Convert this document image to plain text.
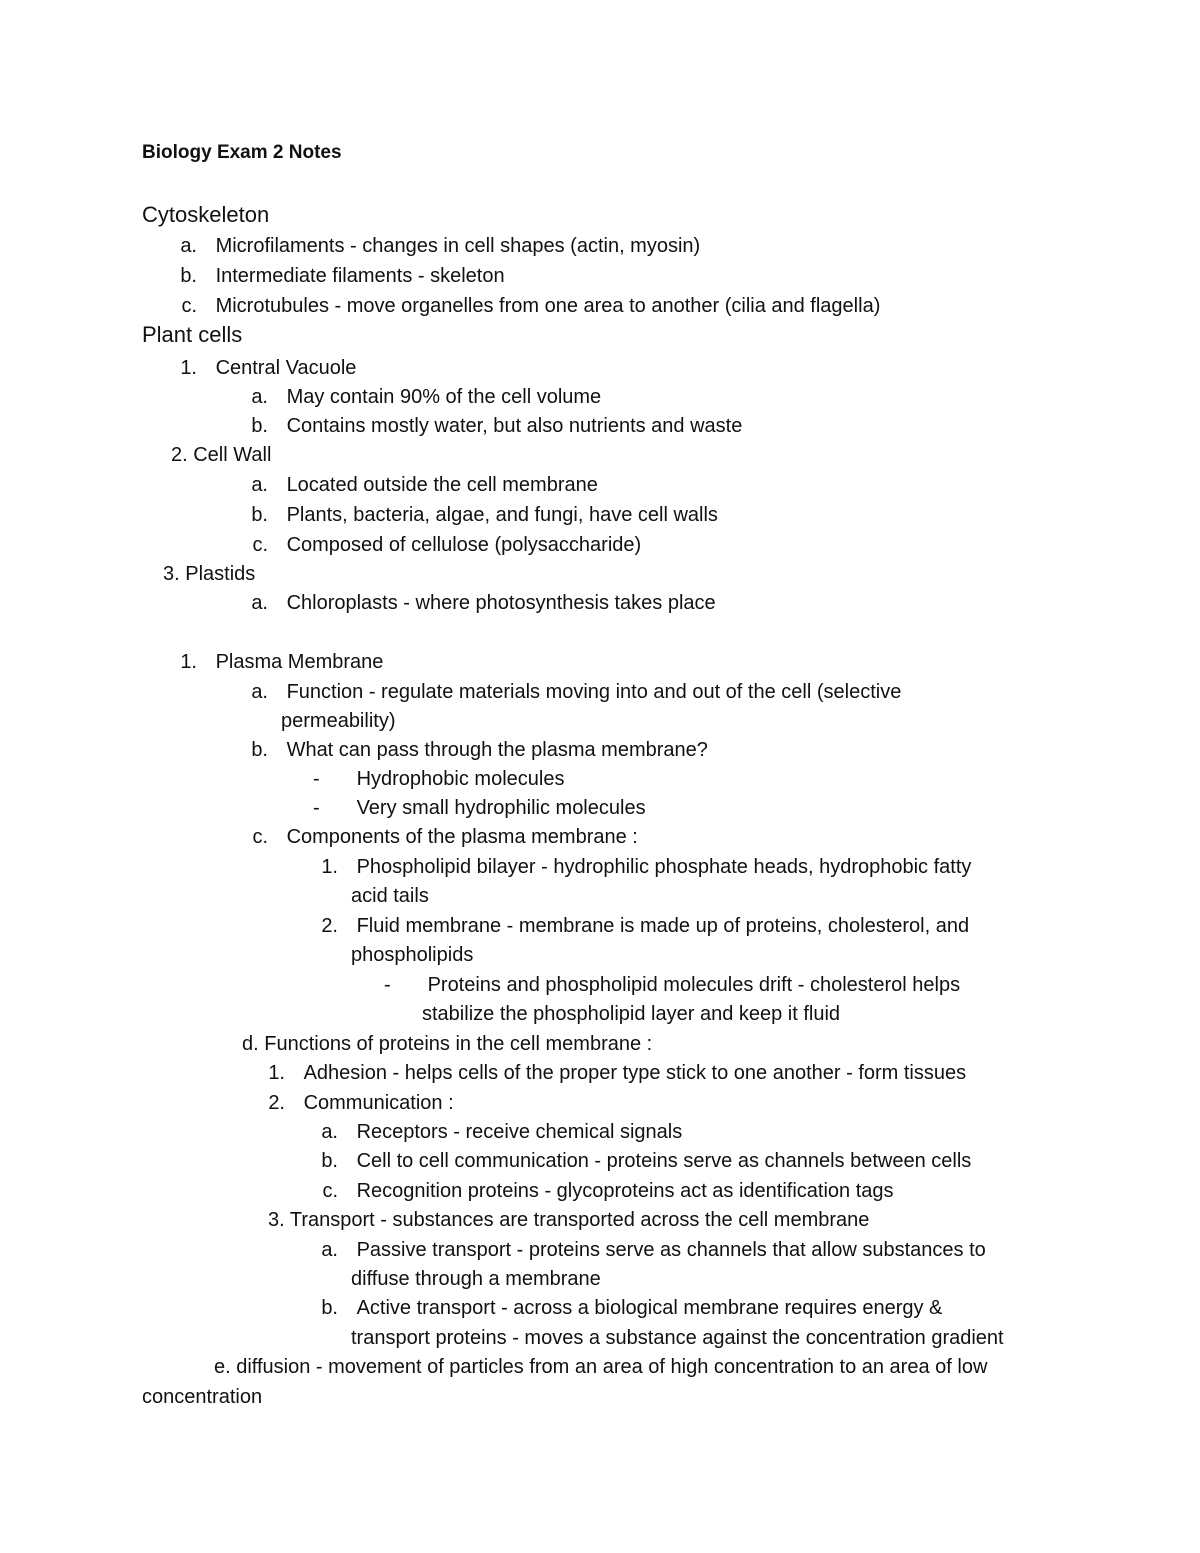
Biology Exam 2 Notes
Cytoskeleton
a. Microfilaments - changes in cell shapes (actin, myosin)
b. Intermediate filaments - skeleton
c. Microtubules - move organelles from one area to another (cilia and flagella)
Plant cells
1. Central Vacuole
a. May contain 90% of the cell volume
b. Contains mostly water, but also nutrients and waste
2. Cell Wall
a. Located outside the cell membrane
b. Plants, bacteria, algae, and fungi, have cell walls
c. Composed of cellulose (polysaccharide)
3. Plastids
a. Chloroplasts - where photosynthesis takes place
1. Plasma Membrane
a. Function - regulate materials moving into and out of the cell (selective
permeability)
b. What can pass through the plasma membrane?
- Hydrophobic molecules
- Very small hydrophilic molecules
c. Components of the plasma membrane :
1. Phospholipid bilayer - hydrophilic phosphate heads, hydrophobic fatty
acid tails
2. Fluid membrane - membrane is made up of proteins, cholesterol, and
phospholipids
- Proteins and phospholipid molecules drift - cholesterol helps
stabilize the phospholipid layer and keep it fluid
d. Functions of proteins in the cell membrane :
1. Adhesion - helps cells of the proper type stick to one another - form tissues
2. Communication :
a. Receptors - receive chemical signals
b. Cell to cell communication - proteins serve as channels between cells
c. Recognition proteins - glycoproteins act as identification tags
3. Transport - substances are transported across the cell membrane
a. Passive transport - proteins serve as channels that allow substances to
diffuse through a membrane
b. Active transport - across a biological membrane requires energy &
transport proteins - moves a substance against the concentration gradient
e. diffusion - movement of particles from an area of high concentration to an area of low
concentration
